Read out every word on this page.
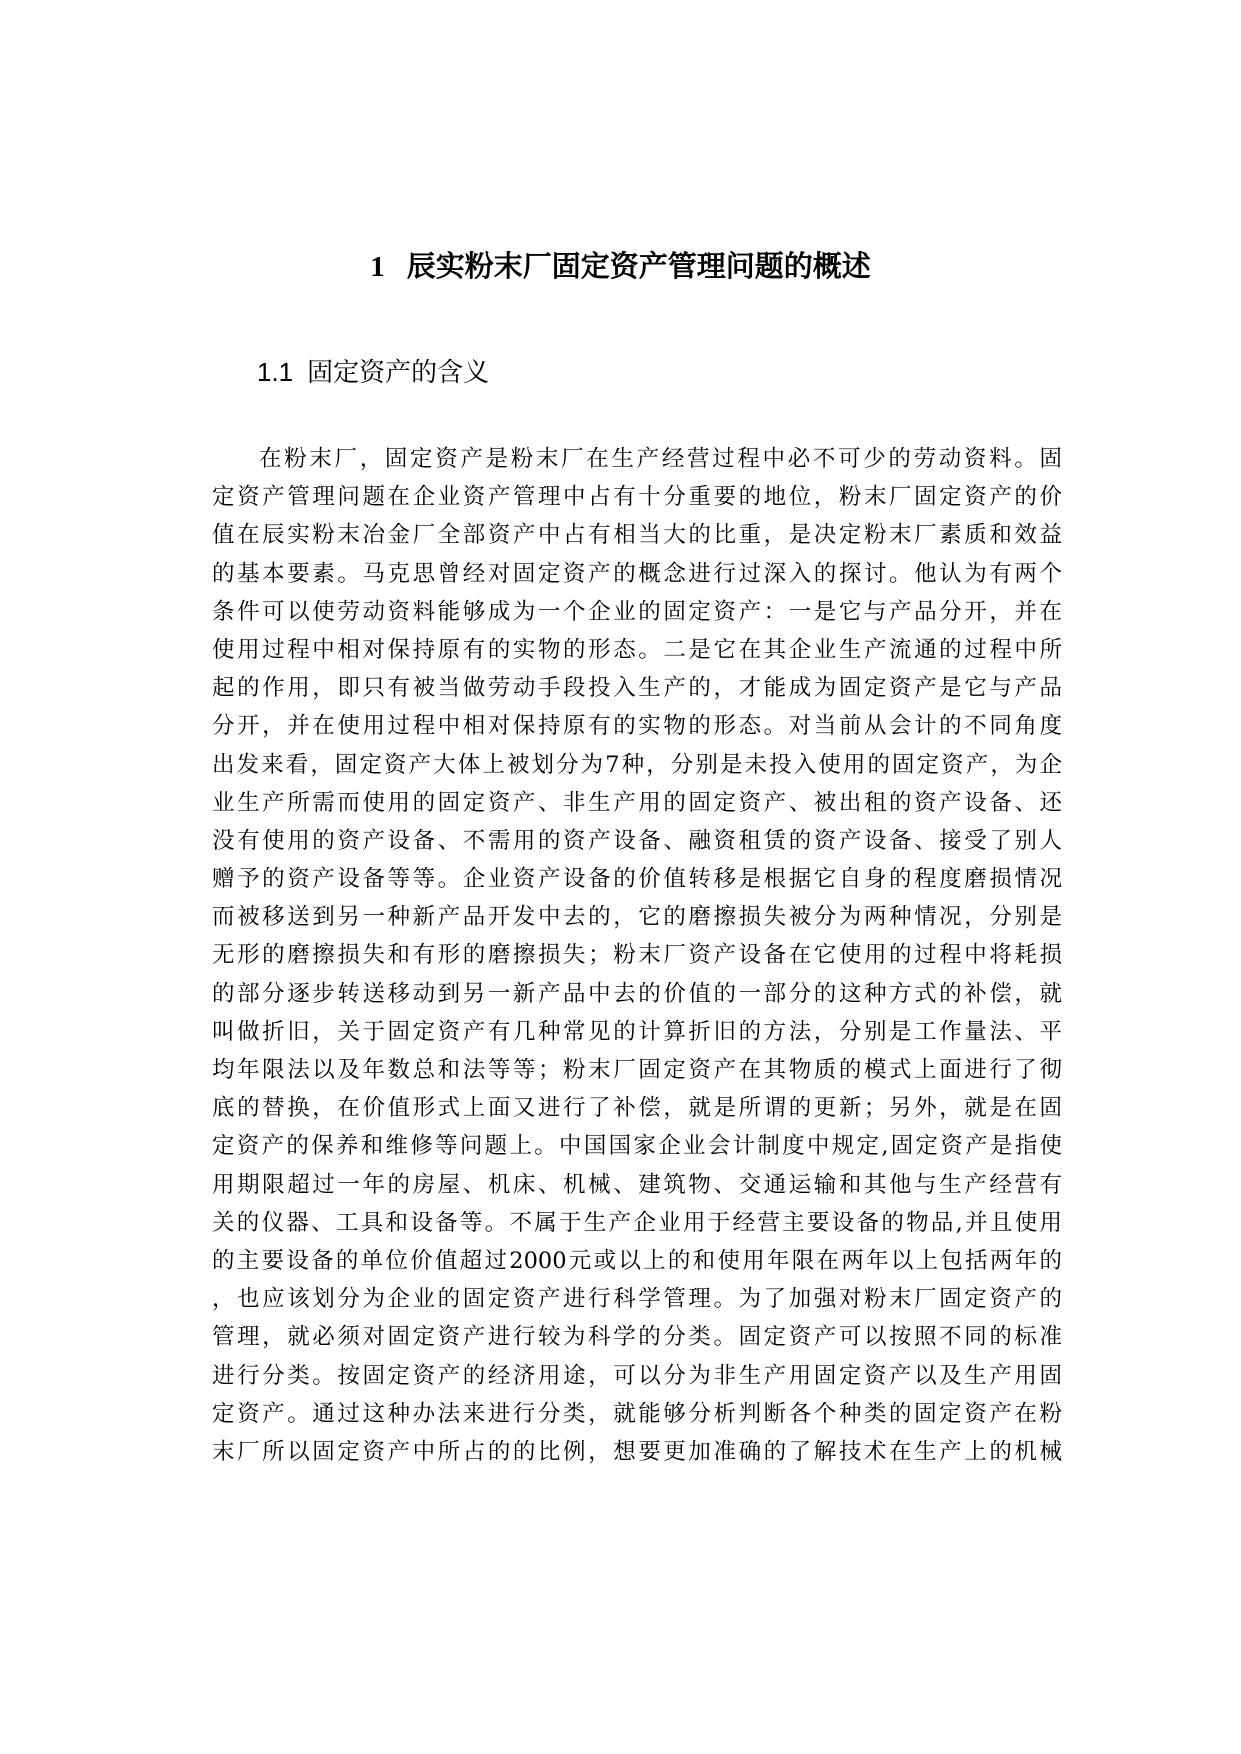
1 辰实粉末厂固定资产管理问题的概述
1.1 固定资产的含义
在粉末厂，固定资产是粉末厂在生产经营过程中必不可少的劳动资料。固
定资产管理问题在企业资产管理中占有十分重要的地位，粉末厂固定资产的价
值在辰实粉末冶金厂全部资产中占有相当大的比重，是决定粉末厂素质和效益
的基本要素。马克思曾经对固定资产的概念进行过深入的探讨。他认为有两个
条件可以使劳动资料能够成为一个企业的固定资产：一是它与产品分开，并在
使用过程中相对保持原有的实物的形态。二是它在其企业生产流通的过程中所
起的作用，即只有被当做劳动手段投入生产的，才能成为固定资产是它与产品
分开，并在使用过程中相对保持原有的实物的形态。对当前从会计的不同角度
出发来看，固定资产大体上被划分为7种，分别是未投入使用的固定资产，为企
业生产所需而使用的固定资产、非生产用的固定资产、被出租的资产设备、还
没有使用的资产设备、不需用的资产设备、融资租赁的资产设备、接受了别人
赠予的资产设备等等。企业资产设备的价值转移是根据它自身的程度磨损情况
而被移送到另一种新产品开发中去的，它的磨擦损失被分为两种情况，分别是
无形的磨擦损失和有形的磨擦损失；粉末厂资产设备在它使用的过程中将耗损
的部分逐步转送移动到另一新产品中去的价值的一部分的这种方式的补偿，就
叫做折旧，关于固定资产有几种常见的计算折旧的方法，分别是工作量法、平
均年限法以及年数总和法等等；粉末厂固定资产在其物质的模式上面进行了彻
底的替换，在价值形式上面又进行了补偿，就是所谓的更新；另外，就是在固
定资产的保养和维修等问题上。中国国家企业会计制度中规定,固定资产是指使
用期限超过一年的房屋、机床、机械、建筑物、交通运输和其他与生产经营有
关的仪器、工具和设备等。不属于生产企业用于经营主要设备的物品,并且使用
的主要设备的单位价值超过2000元或以上的和使用年限在两年以上包括两年的
，也应该划分为企业的固定资产进行科学管理。为了加强对粉末厂固定资产的
管理，就必须对固定资产进行较为科学的分类。固定资产可以按照不同的标准
进行分类。按固定资产的经济用途，可以分为非生产用固定资产以及生产用固
定资产。通过这种办法来进行分类，就能够分析判断各个种类的固定资产在粉
末厂所以固定资产中所占的的比例，想要更加准确的了解技术在生产上的机械
